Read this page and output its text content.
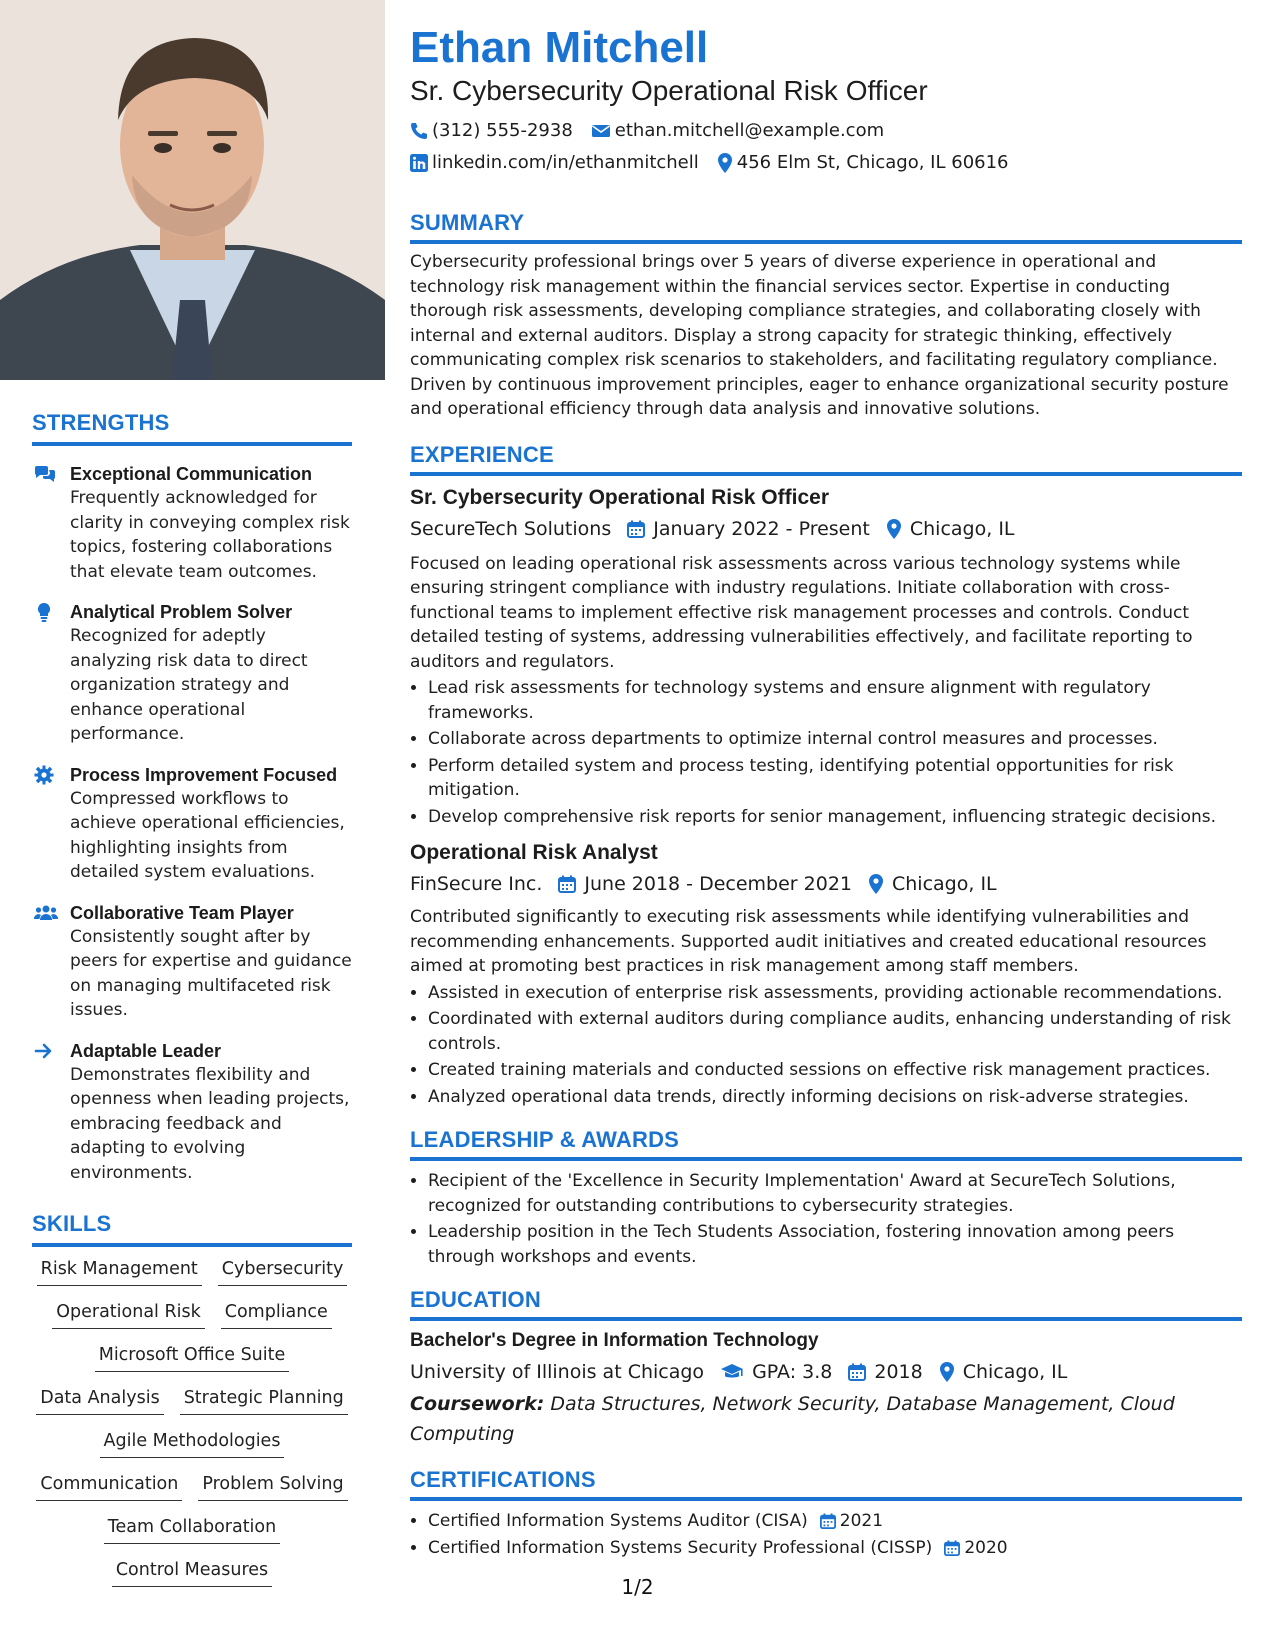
STRENGTHS
Exceptional Communication
Frequently acknowledged for clarity in conveying complex risk topics, fostering collaborations that elevate team outcomes.
Analytical Problem Solver
Recognized for adeptly analyzing risk data to direct organization strategy and enhance operational performance.
Process Improvement Focused
Compressed workflows to achieve operational efficiencies, highlighting insights from detailed system evaluations.
Collaborative Team Player
Consistently sought after by peers for expertise and guidance on managing multifaceted risk issues.
Adaptable Leader
Demonstrates flexibility and openness when leading projects, embracing feedback and adapting to evolving environments.
SKILLS
Risk Management Cybersecurity
Operational Risk Compliance
Microsoft Office Suite
Data Analysis Strategic Planning
Agile Methodologies
Communication Problem Solving
Team Collaboration
Control Measures
Ethan Mitchell
Sr. Cybersecurity Operational Risk Officer
(312) 555-2938 ethan.mitchell@example.com
linkedin.com/in/ethanmitchell 456 Elm St, Chicago, IL 60616
SUMMARY
Cybersecurity professional brings over 5 years of diverse experience in operational and technology risk management within the financial services sector. Expertise in conducting thorough risk assessments, developing compliance strategies, and collaborating closely with internal and external auditors. Display a strong capacity for strategic thinking, effectively communicating complex risk scenarios to stakeholders, and facilitating regulatory compliance. Driven by continuous improvement principles, eager to enhance organizational security posture and operational efficiency through data analysis and innovative solutions.
EXPERIENCE
Sr. Cybersecurity Operational Risk Officer
SecureTech Solutions January 2022 - Present Chicago, IL
Focused on leading operational risk assessments across various technology systems while ensuring stringent compliance with industry regulations. Initiate collaboration with cross-functional teams to implement effective risk management processes and controls. Conduct detailed testing of systems, addressing vulnerabilities effectively, and facilitate reporting to auditors and regulators.
• Lead risk assessments for technology systems and ensure alignment with regulatory frameworks.
• Collaborate across departments to optimize internal control measures and processes.
• Perform detailed system and process testing, identifying potential opportunities for risk mitigation.
• Develop comprehensive risk reports for senior management, influencing strategic decisions.
Operational Risk Analyst
FinSecure Inc. June 2018 - December 2021 Chicago, IL
Contributed significantly to executing risk assessments while identifying vulnerabilities and recommending enhancements. Supported audit initiatives and created educational resources aimed at promoting best practices in risk management among staff members.
• Assisted in execution of enterprise risk assessments, providing actionable recommendations.
• Coordinated with external auditors during compliance audits, enhancing understanding of risk controls.
• Created training materials and conducted sessions on effective risk management practices.
• Analyzed operational data trends, directly informing decisions on risk-adverse strategies.
LEADERSHIP & AWARDS
• Recipient of the 'Excellence in Security Implementation' Award at SecureTech Solutions, recognized for outstanding contributions to cybersecurity strategies.
• Leadership position in the Tech Students Association, fostering innovation among peers through workshops and events.
EDUCATION
Bachelor's Degree in Information Technology
University of Illinois at Chicago	GPA: 3.8 2018 Chicago, IL
Coursework: Data Structures, Network Security, Database Management, Cloud Computing
CERTIFICATIONS
• Certified Information Systems Auditor (CISA) 2021
• Certified Information Systems Security Professional (CISSP) 2020
1/2
